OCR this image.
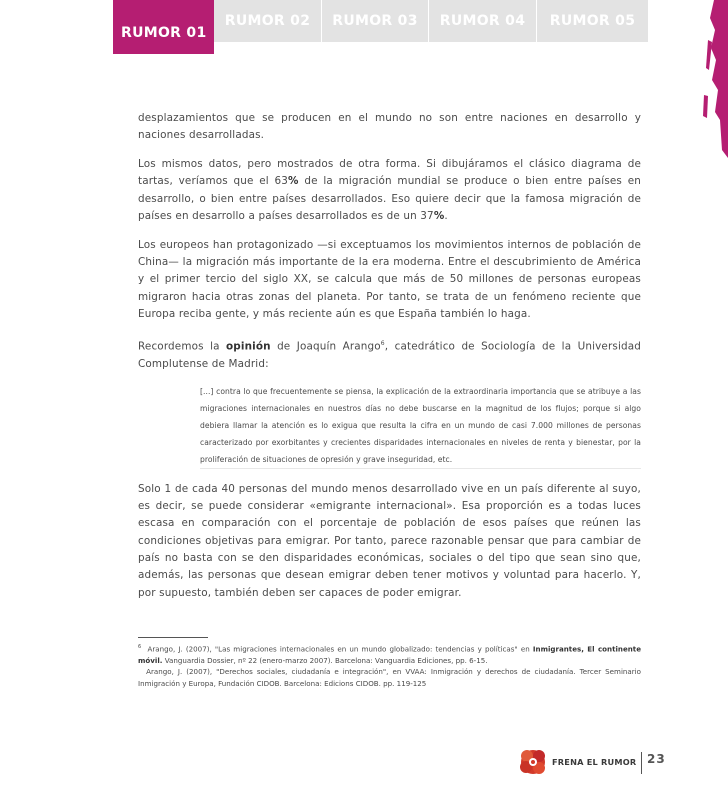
RUMOR 01
RUMOR 02 RUMOR 03 RUMOR 04 RUMOR 05

desplazamientos que se producen en el mundo no son entre naciones en desarrollo y naciones desarrolladas.

Los mismos datos, pero mostrados de otra forma. Si dibujáramos el clásico diagrama de tartas, veríamos que el 63% de la migración mundial se produce o bien entre países en desarrollo, o bien entre países desarrollados. Eso quiere decir que la famosa migración de países en desarrollo a países desarrollados es de un 37%.

Los europeos han protagonizado —si exceptuamos los movimientos internos de población de China— la migración más importante de la era moderna. Entre el descubrimiento de América y el primer tercio del siglo XX, se calcula que más de 50 millones de personas europeas migraron hacia otras zonas del planeta. Por tanto, se trata de un fenómeno reciente que Europa reciba gente, y más reciente aún es que España también lo haga.

Recordemos la opinión de Joaquín Arango$^6$, catedrático de Sociología de la Universidad Complutense de Madrid:

[...] contra lo que frecuentemente se piensa, la explicación de la extraordinaria importancia que se atribuye a las migraciones internacionales en nuestros días no debe buscarse en la magnitud de los flujos; porque si algo debiera llamar la atención es lo exigua que resulta la cifra en un mundo de casi 7.000 millones de personas caracterizado por exorbitantes y crecientes disparidades internacionales en niveles de renta y bienestar, por la proliferación de situaciones de opresión y grave inseguridad, etc.

Solo 1 de cada 40 personas del mundo menos desarrollado vive en un país diferente al suyo, es decir, se puede considerar «emigrante internacional». Esa proporción es a todas luces escasa en comparación con el porcentaje de población de esos países que reúnen las condiciones objetivas para emigrar. Por tanto, parece razonable pensar que para cambiar de país no basta con se den disparidades económicas, sociales o del tipo que sean sino que, además, las personas que desean emigrar deben tener motivos y voluntad para hacerlo. Y, por supuesto, también deben ser capaces de poder emigrar.

$^6$ Arango, J. (2007), "Las migraciones internacionales en un mundo globalizado: tendencias y políticas" en Inmigrantes, El continente móvil. Vanguardia Dossier, nº 22 (enero-marzo 2007). Barcelona: Vanguardia Ediciones, pp. 6-15.

Arango, J. (2007), "Derechos sociales, ciudadanía e integración", en VVAA: Inmigración y derechos de ciudadanía. Tercer Seminario Inmigración y Europa, Fundación CIDOB. Barcelona: Edicions CIDOB. pp. 119-125

FRENA EL RUMOR 23
